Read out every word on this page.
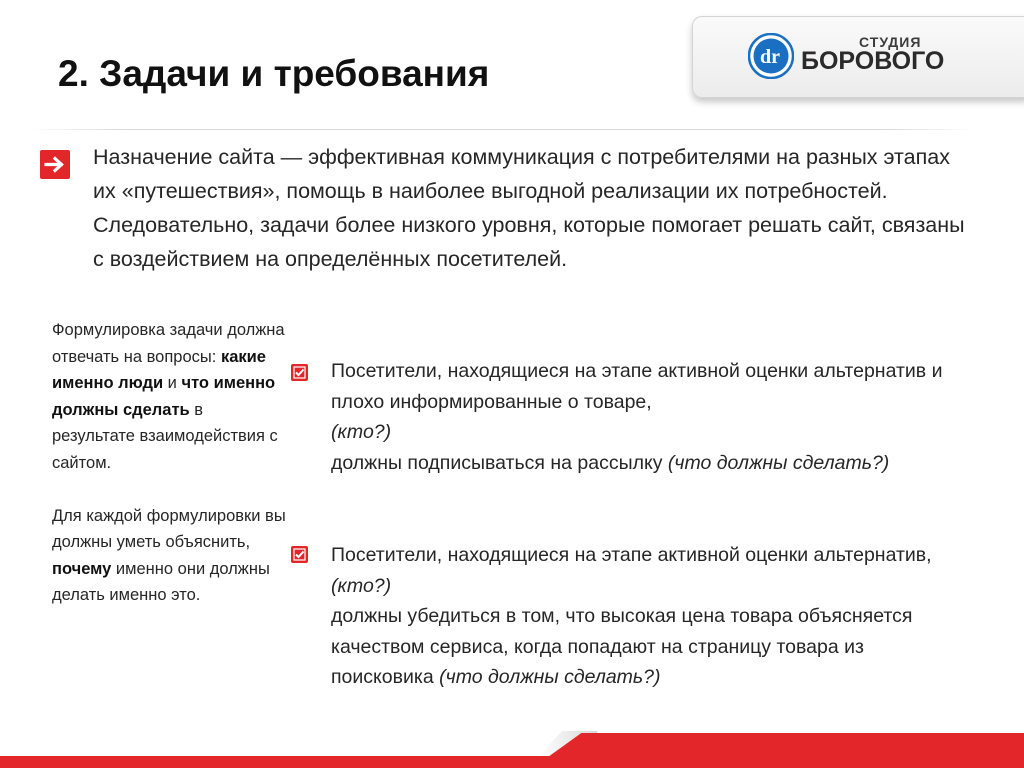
2. Задачи и требования	dr
СТУДИЯ
БОРОВОГО

Назначение сайта — эффективная коммуникация с потребителями на разных этапах их «путешествия», помощь в наиболее выгодной реализации их потребностей. Следовательно, задачи более низкого уровня, которые помогает решать сайт, связаны с воздействием на определённых посетителей.

Формулировка задачи должна отвечать на вопросы: какие именно люди и что именно должны сделать в результате взаимодействия с сайтом.

Для каждой формулировки вы должны уметь объяснить, почему именно они должны делать именно это.

Посетители, находящиеся на этапе активной оценки альтернатив и плохо информированные о товаре,
(кто?)
должны подписываться на рассылку (что должны сделать?)
Посетители, находящиеся на этапе активной оценки альтернатив, (кто?)
должны убедиться в том, что высокая цена товара объясняется качеством сервиса, когда попадают на страницу товара из поисковика (что должны сделать?)
